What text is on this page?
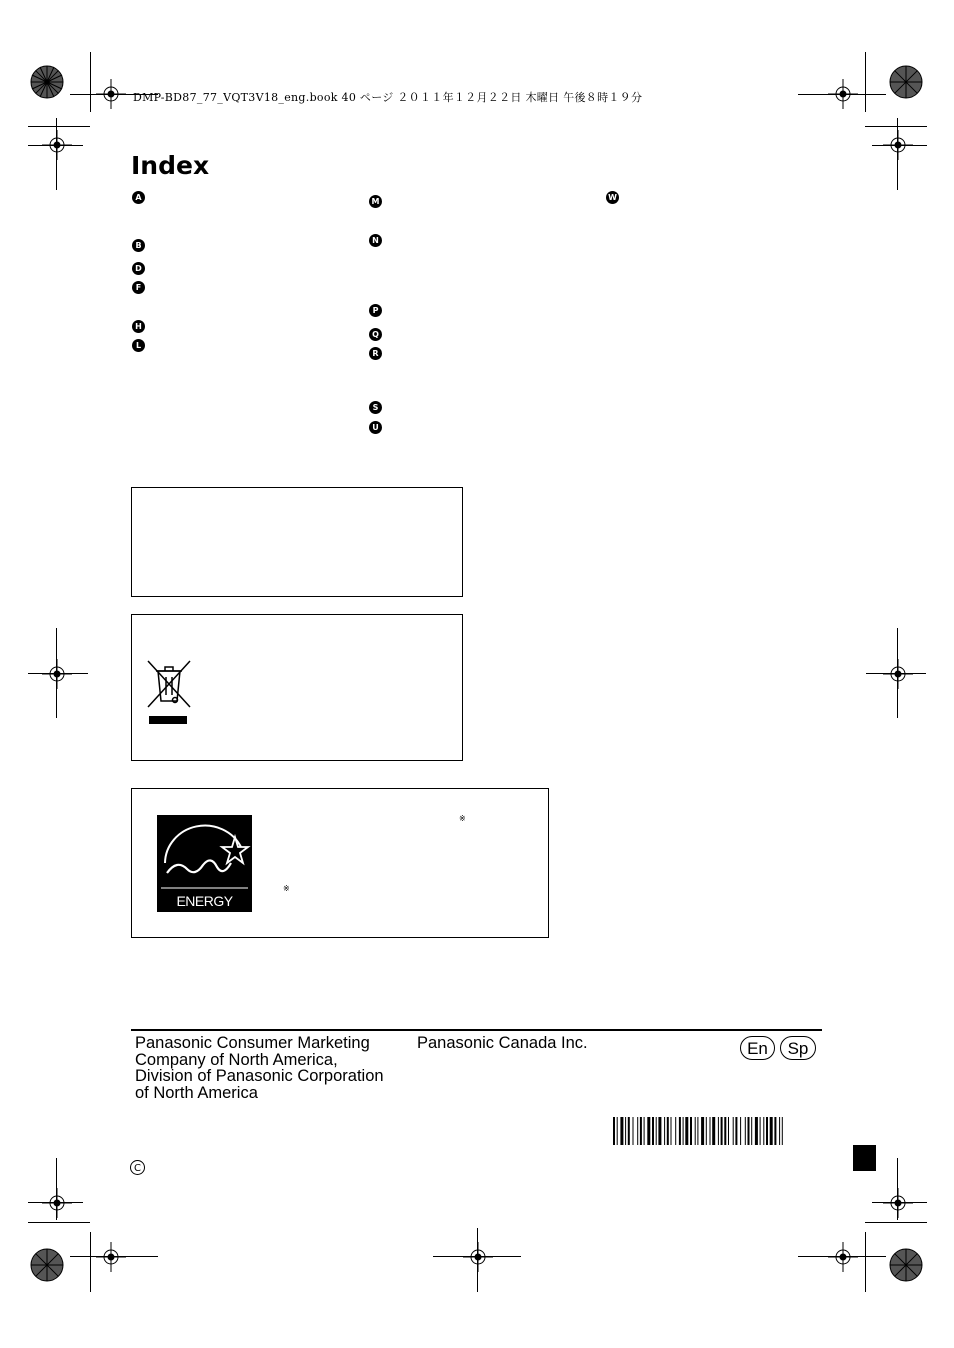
DMP-BD87_77_VQT3V18_eng.book 40 ページ ２０１１年１２月２２日 木曜日 午後８時１９分
Index
A
B
D
F
H
L
M
N
P
Q
R
S
U
W
ENERGY STAR
※
※
Panasonic Consumer Marketing
Company of North America,
Division of Panasonic Corporation
of North America
Panasonic Canada Inc.	En	Sp
C
